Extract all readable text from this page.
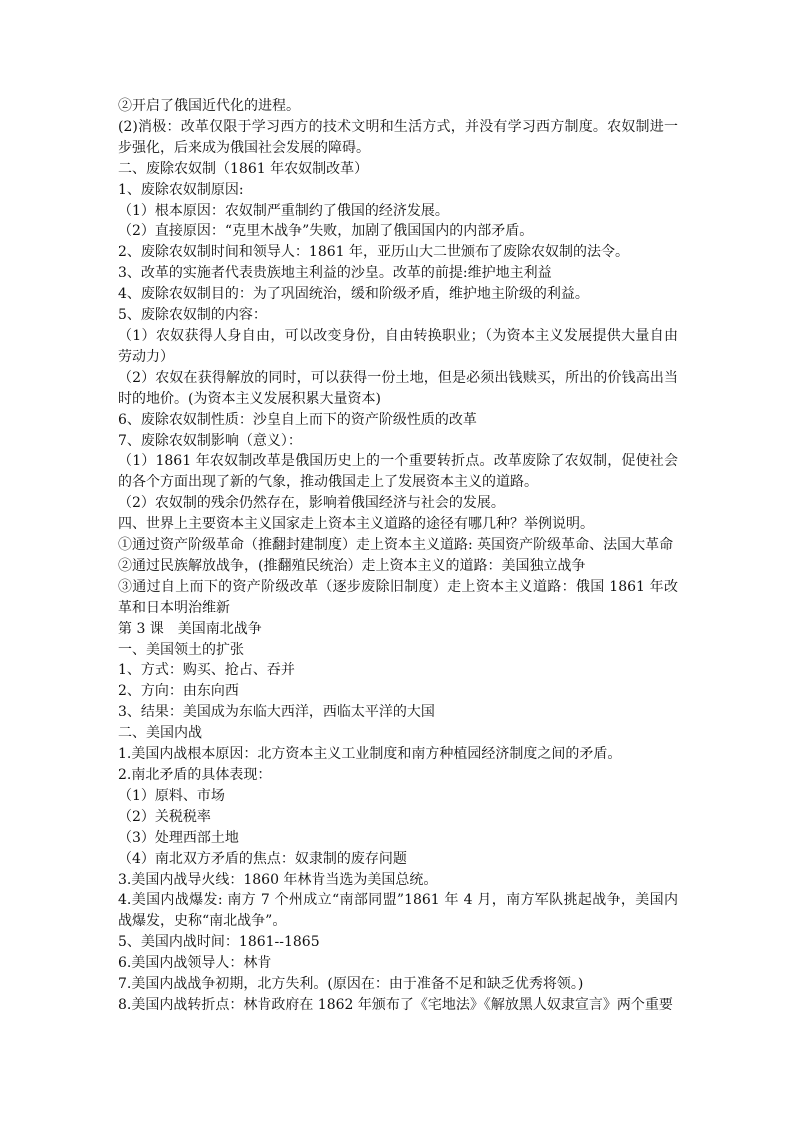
②开启了俄国近代化的进程。
(2)消极：改革仅限于学习西方的技术文明和生活方式，并没有学习西方制度。农奴制进一步强化，后来成为俄国社会发展的障碍。
二、废除农奴制（1861 年农奴制改革）
1、废除农奴制原因:
（1）根本原因：农奴制严重制约了俄国的经济发展。
（2）直接原因：“克里木战争”失败，加剧了俄国国内的内部矛盾。
2、废除农奴制时间和领导人：1861 年，亚历山大二世颁布了废除农奴制的法令。
3、改革的实施者代表贵族地主利益的沙皇。改革的前提:维护地主利益
4、废除农奴制目的：为了巩固统治，缓和阶级矛盾，维护地主阶级的利益。
5、废除农奴制的内容：
（1）农奴获得人身自由，可以改变身份，自由转换职业；（为资本主义发展提供大量自由劳动力）
（2）农奴在获得解放的同时，可以获得一份土地，但是必须出钱赎买，所出的价钱高出当时的地价。(为资本主义发展积累大量资本)
6、废除农奴制性质：沙皇自上而下的资产阶级性质的改革
7、废除农奴制影响（意义）：
（1）1861 年农奴制改革是俄国历史上的一个重要转折点。改革废除了农奴制，促使社会的各个方面出现了新的气象，推动俄国走上了发展资本主义的道路。
（2）农奴制的残余仍然存在，影响着俄国经济与社会的发展。
四、世界上主要资本主义国家走上资本主义道路的途径有哪几种？举例说明。
①通过资产阶级革命（推翻封建制度）走上资本主义道路: 英国资产阶级革命、法国大革命
②通过民族解放战争，(推翻殖民统治）走上资本主义的道路：美国独立战争
③通过自上而下的资产阶级改革（逐步废除旧制度）走上资本主义道路：俄国 1861 年改革和日本明治维新
第 3 课　美国南北战争
一、美国领土的扩张
1、方式：购买、抢占、吞并
2、方向：由东向西
3、结果：美国成为东临大西洋，西临太平洋的大国
二、美国内战
1.美国内战根本原因：北方资本主义工业制度和南方种植园经济制度之间的矛盾。
2.南北矛盾的具体表现：
（1）原料、市场
（2）关税税率
（3）处理西部土地
（4）南北双方矛盾的焦点：奴隶制的废存问题
3.美国内战导火线：1860 年林肯当选为美国总统。
4.美国内战爆发: 南方 7 个州成立“南部同盟”1861 年 4 月，南方军队挑起战争，美国内战爆发，史称“南北战争”。
5、美国内战时间：1861--1865
6.美国内战领导人：林肯
7.美国内战战争初期，北方失利。(原因在：由于准备不足和缺乏优秀将领。)
8.美国内战转折点：林肯政府在 1862 年颁布了《宅地法》《解放黑人奴隶宣言》两个重要
